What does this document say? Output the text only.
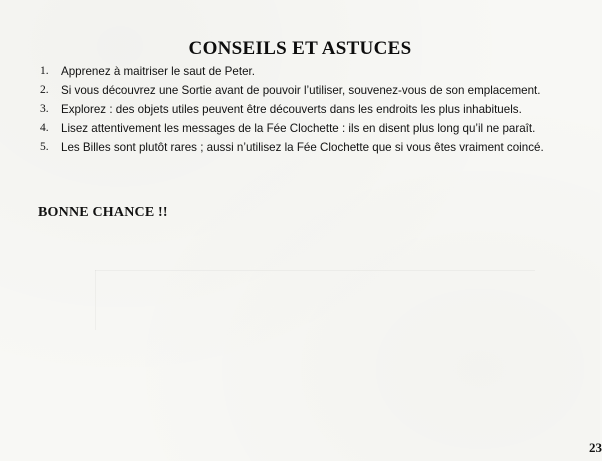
CONSEILS ET ASTUCES
1.	Apprenez à maitriser le saut de Peter.
2.	Si vous découvrez une Sortie avant de pouvoir l’utiliser, souvenez-vous de son emplacement.
3.	Explorez : des objets utiles peuvent être découverts dans les endroits les plus inhabituels.
4.	Lisez attentivement les messages de la Fée Clochette : ils en disent plus long qu’il ne paraît.
5.	Les Billes sont plutôt rares ; aussi n’utilisez la Fée Clochette que si vous êtes vraiment coincé.

BONNE CHANCE !!

23
